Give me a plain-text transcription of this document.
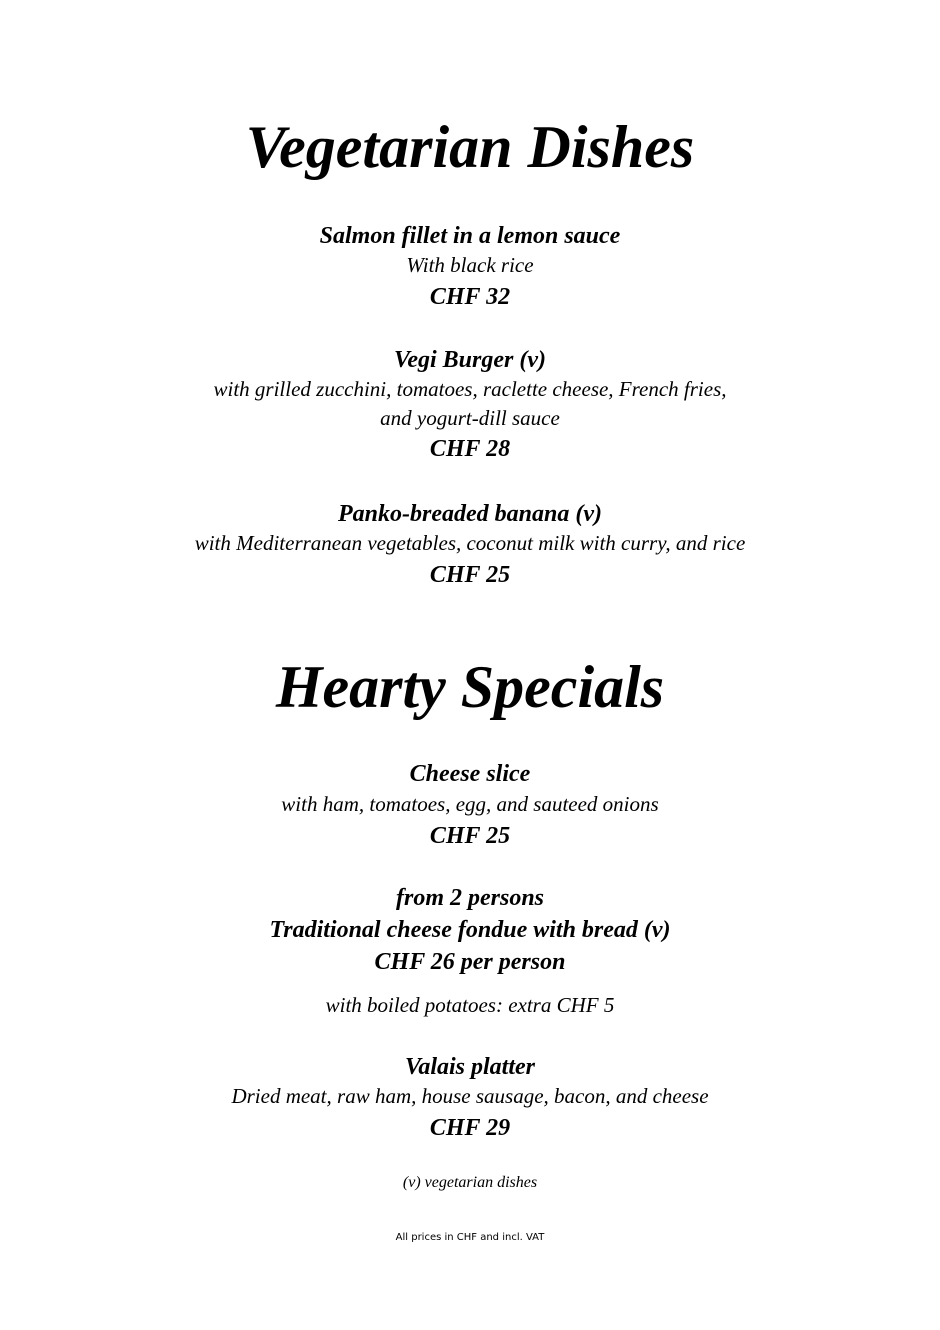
Vegetarian Dishes
Salmon fillet in a lemon sauce
With black rice
CHF 32
Vegi Burger (v)
with grilled zucchini, tomatoes, raclette cheese, French fries,
and yogurt-dill sauce
CHF 28
Panko-breaded banana (v)
with Mediterranean vegetables, coconut milk with curry, and rice
CHF 25
Hearty Specials
Cheese slice
with ham, tomatoes, egg, and sauteed onions
CHF 25
from 2 persons
Traditional cheese fondue with bread (v)
CHF 26 per person
with boiled potatoes: extra CHF 5
Valais platter
Dried meat, raw ham, house sausage, bacon, and cheese
CHF 29
(v) vegetarian dishes
All prices in CHF and incl. VAT
